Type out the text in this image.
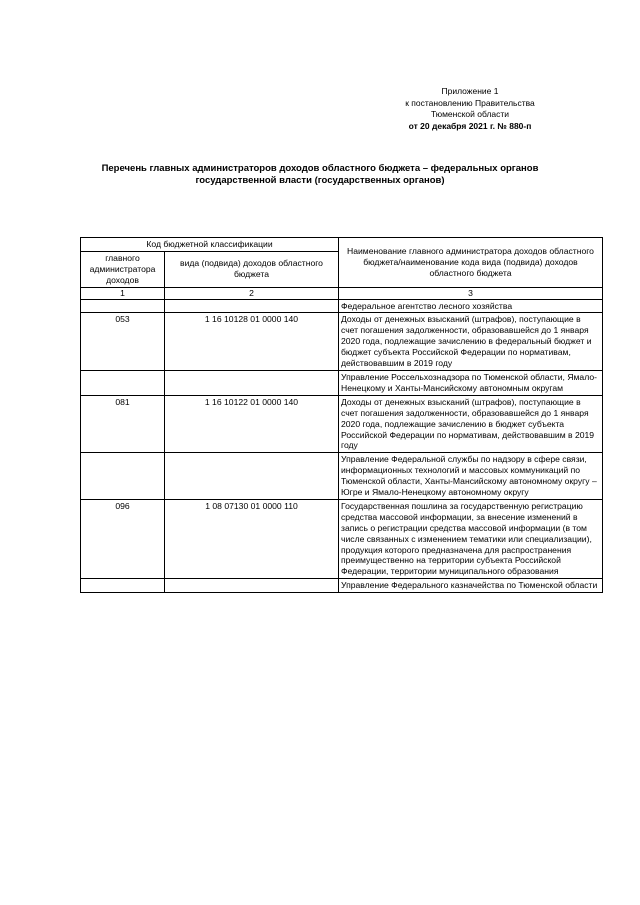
Приложение 1
к постановлению Правительства
Тюменской области
от 20 декабря 2021 г. № 880-п
Перечень главных администраторов доходов областного бюджета – федеральных органов государственной власти (государственных органов)
Код бюджетной классификации		Наименование главного администратора доходов областного бюджета/наименование кода вида (подвида) доходов областного бюджета
главного администратора доходов	вида (подвида) доходов областного бюджета	
1	2	3
		Федеральное агентство лесного хозяйства
053	1 16 10128 01 0000 140	Доходы от денежных взысканий (штрафов), поступающие в счет погашения задолженности, образовавшейся до 1 января 2020 года, подлежащие зачислению в федеральный бюджет и бюджет субъекта Российской Федерации по нормативам, действовавшим в 2019 году
		Управление Россельхознадзора по Тюменской области, Ямало-Ненецкому и Ханты-Мансийскому автономным округам
081	1 16 10122 01 0000 140	Доходы от денежных взысканий (штрафов), поступающие в счет погашения задолженности, образовавшейся до 1 января 2020 года, подлежащие зачислению в бюджет субъекта Российской Федерации по нормативам, действовавшим в 2019 году
		Управление Федеральной службы по надзору в сфере связи, информационных технологий и массовых коммуникаций по Тюменской области, Ханты-Мансийскому автономному округу – Югре и Ямало-Ненецкому автономному округу
096	1 08 07130 01 0000 110	Государственная пошлина за государственную регистрацию средства массовой информации, за внесение изменений в запись о регистрации средства массовой информации (в том числе связанных с изменением тематики или специализации), продукция которого предназначена для распространения преимущественно на территории субъекта Российской Федерации, территории муниципального образования
		Управление Федерального казначейства по Тюменской области
